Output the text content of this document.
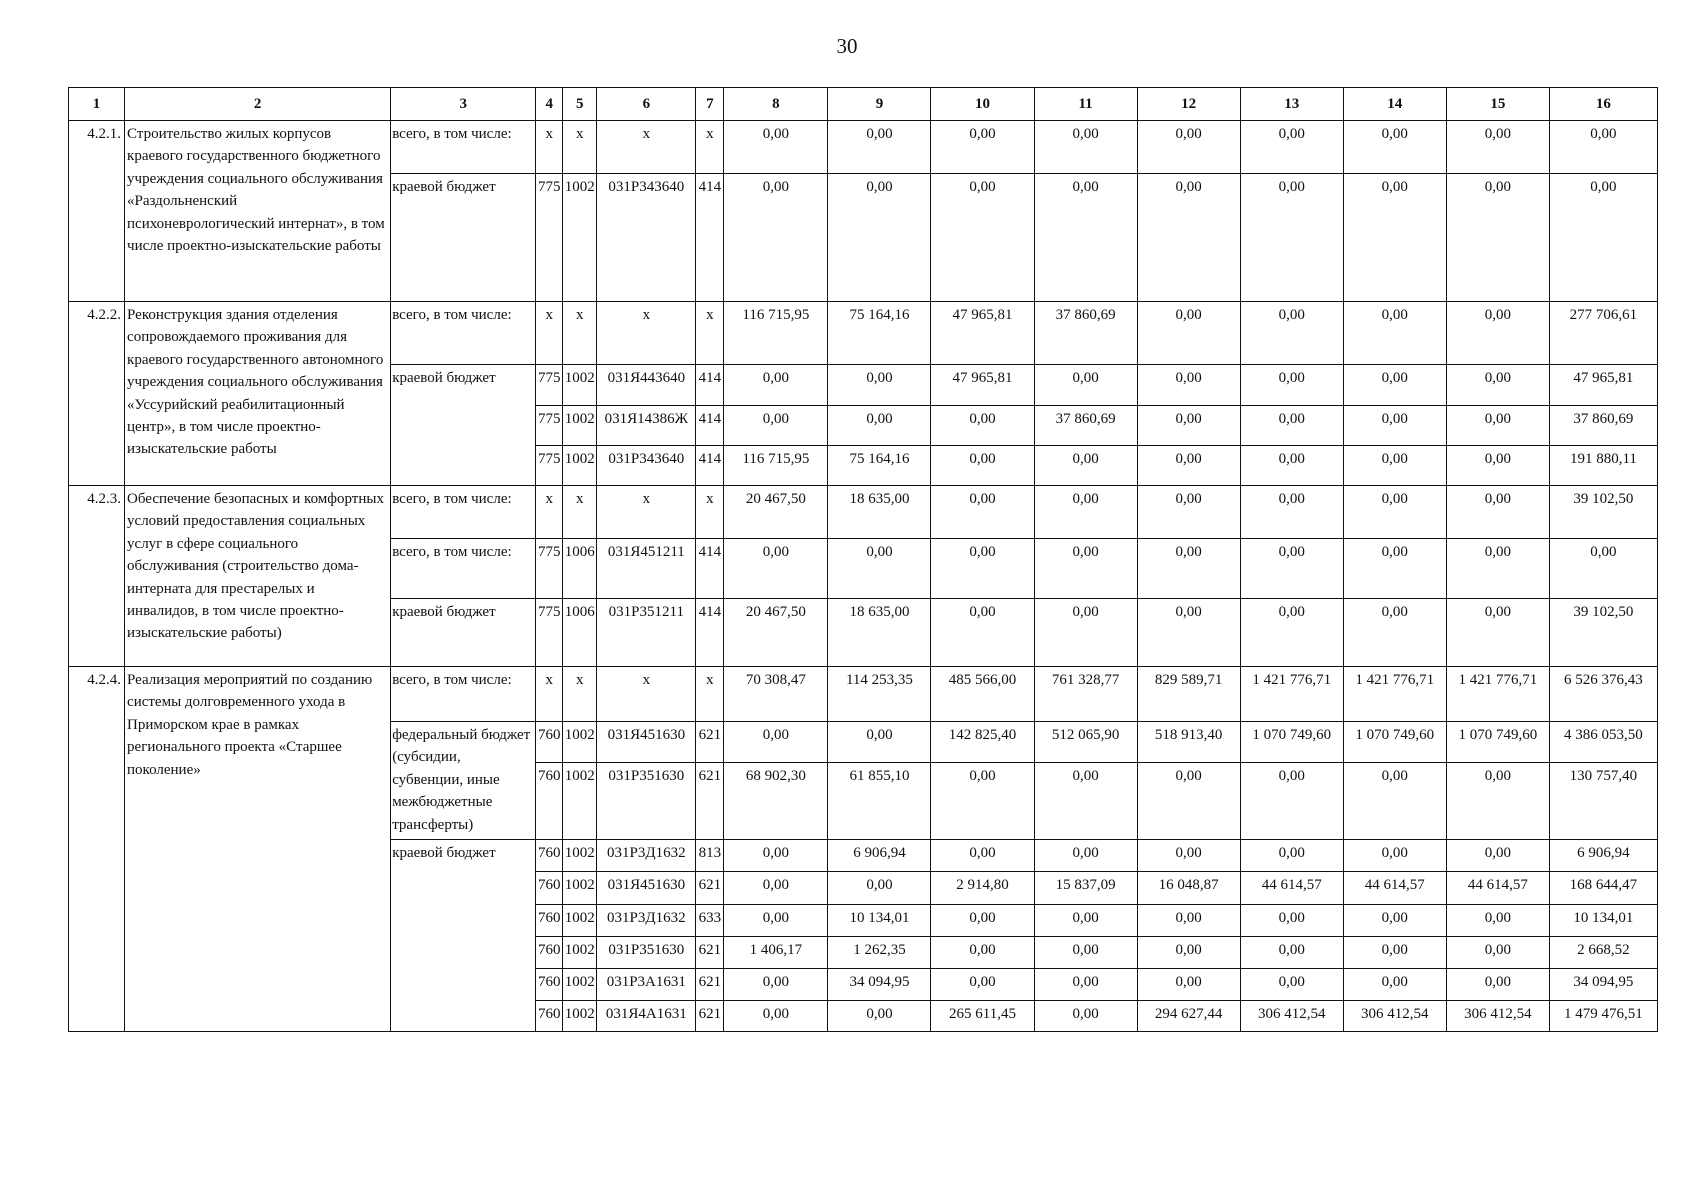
30
1	2	3	4	5	6	7	8	9	10	11	12	13	14	15	16
4.2.1.	Строительство жилых корпусов краевого государственного бюджетного учреждения социального обслуживания «Раздольненский психоневрологический интернат», в том числе проектно-изыскательские работы	всего, в том числе:	х	х	х	х	0,00	0,00	0,00	0,00	0,00	0,00	0,00	0,00	0,00
		краевой бюджет	775	1002	031Р343640	414	0,00	0,00	0,00	0,00	0,00	0,00	0,00	0,00	0,00
4.2.2.	Реконструкция здания отделения сопровождаемого проживания для краевого государственного автономного учреждения социального обслуживания «Уссурийский реабилитационный центр», в том числе проектно-изыскательские работы	всего, в том числе:	х	х	х	х	116 715,95	75 164,16	47 965,81	37 860,69	0,00	0,00	0,00	0,00	277 706,61
		краевой бюджет	775	1002	031Я443640	414	0,00	0,00	47 965,81	0,00	0,00	0,00	0,00	0,00	47 965,81
			775	1002	031Я14386Ж	414	0,00	0,00	0,00	37 860,69	0,00	0,00	0,00	0,00	37 860,69
			775	1002	031Р343640	414	116 715,95	75 164,16	0,00	0,00	0,00	0,00	0,00	0,00	191 880,11
4.2.3.	Обеспечение безопасных и комфортных условий предоставления социальных услуг в сфере социального обслуживания (строительство дома-интерната для престарелых и инвалидов, в том числе проектно-изыскательские работы)	всего, в том числе:	х	х	х	х	20 467,50	18 635,00	0,00	0,00	0,00	0,00	0,00	0,00	39 102,50
		всего, в том числе:	775	1006	031Я451211	414	0,00	0,00	0,00	0,00	0,00	0,00	0,00	0,00	0,00
		краевой бюджет	775	1006	031Р351211	414	20 467,50	18 635,00	0,00	0,00	0,00	0,00	0,00	0,00	39 102,50
4.2.4.	Реализация мероприятий по созданию системы долговременного ухода в Приморском крае в рамках регионального проекта «Старшее поколение»	всего, в том числе:	х	х	х	х	70 308,47	114 253,35	485 566,00	761 328,77	829 589,71	1 421 776,71	1 421 776,71	1 421 776,71	6 526 376,43
		федеральный бюджет (субсидии, субвенции, иные межбюджетные трансферты)	760	1002	031Я451630	621	0,00	0,00	142 825,40	512 065,90	518 913,40	1 070 749,60	1 070 749,60	1 070 749,60	4 386 053,50
			760	1002	031Р351630	621	68 902,30	61 855,10	0,00	0,00	0,00	0,00	0,00	0,00	130 757,40
		краевой бюджет	760	1002	031Р3Д1632	813	0,00	6 906,94	0,00	0,00	0,00	0,00	0,00	0,00	6 906,94
			760	1002	031Я451630	621	0,00	0,00	2 914,80	15 837,09	16 048,87	44 614,57	44 614,57	44 614,57	168 644,47
			760	1002	031Р3Д1632	633	0,00	10 134,01	0,00	0,00	0,00	0,00	0,00	0,00	10 134,01
			760	1002	031Р351630	621	1 406,17	1 262,35	0,00	0,00	0,00	0,00	0,00	0,00	2 668,52
			760	1002	031Р3А1631	621	0,00	34 094,95	0,00	0,00	0,00	0,00	0,00	0,00	34 094,95
			760	1002	031Я4А1631	621	0,00	0,00	265 611,45	0,00	294 627,44	306 412,54	306 412,54	306 412,54	1 479 476,51
